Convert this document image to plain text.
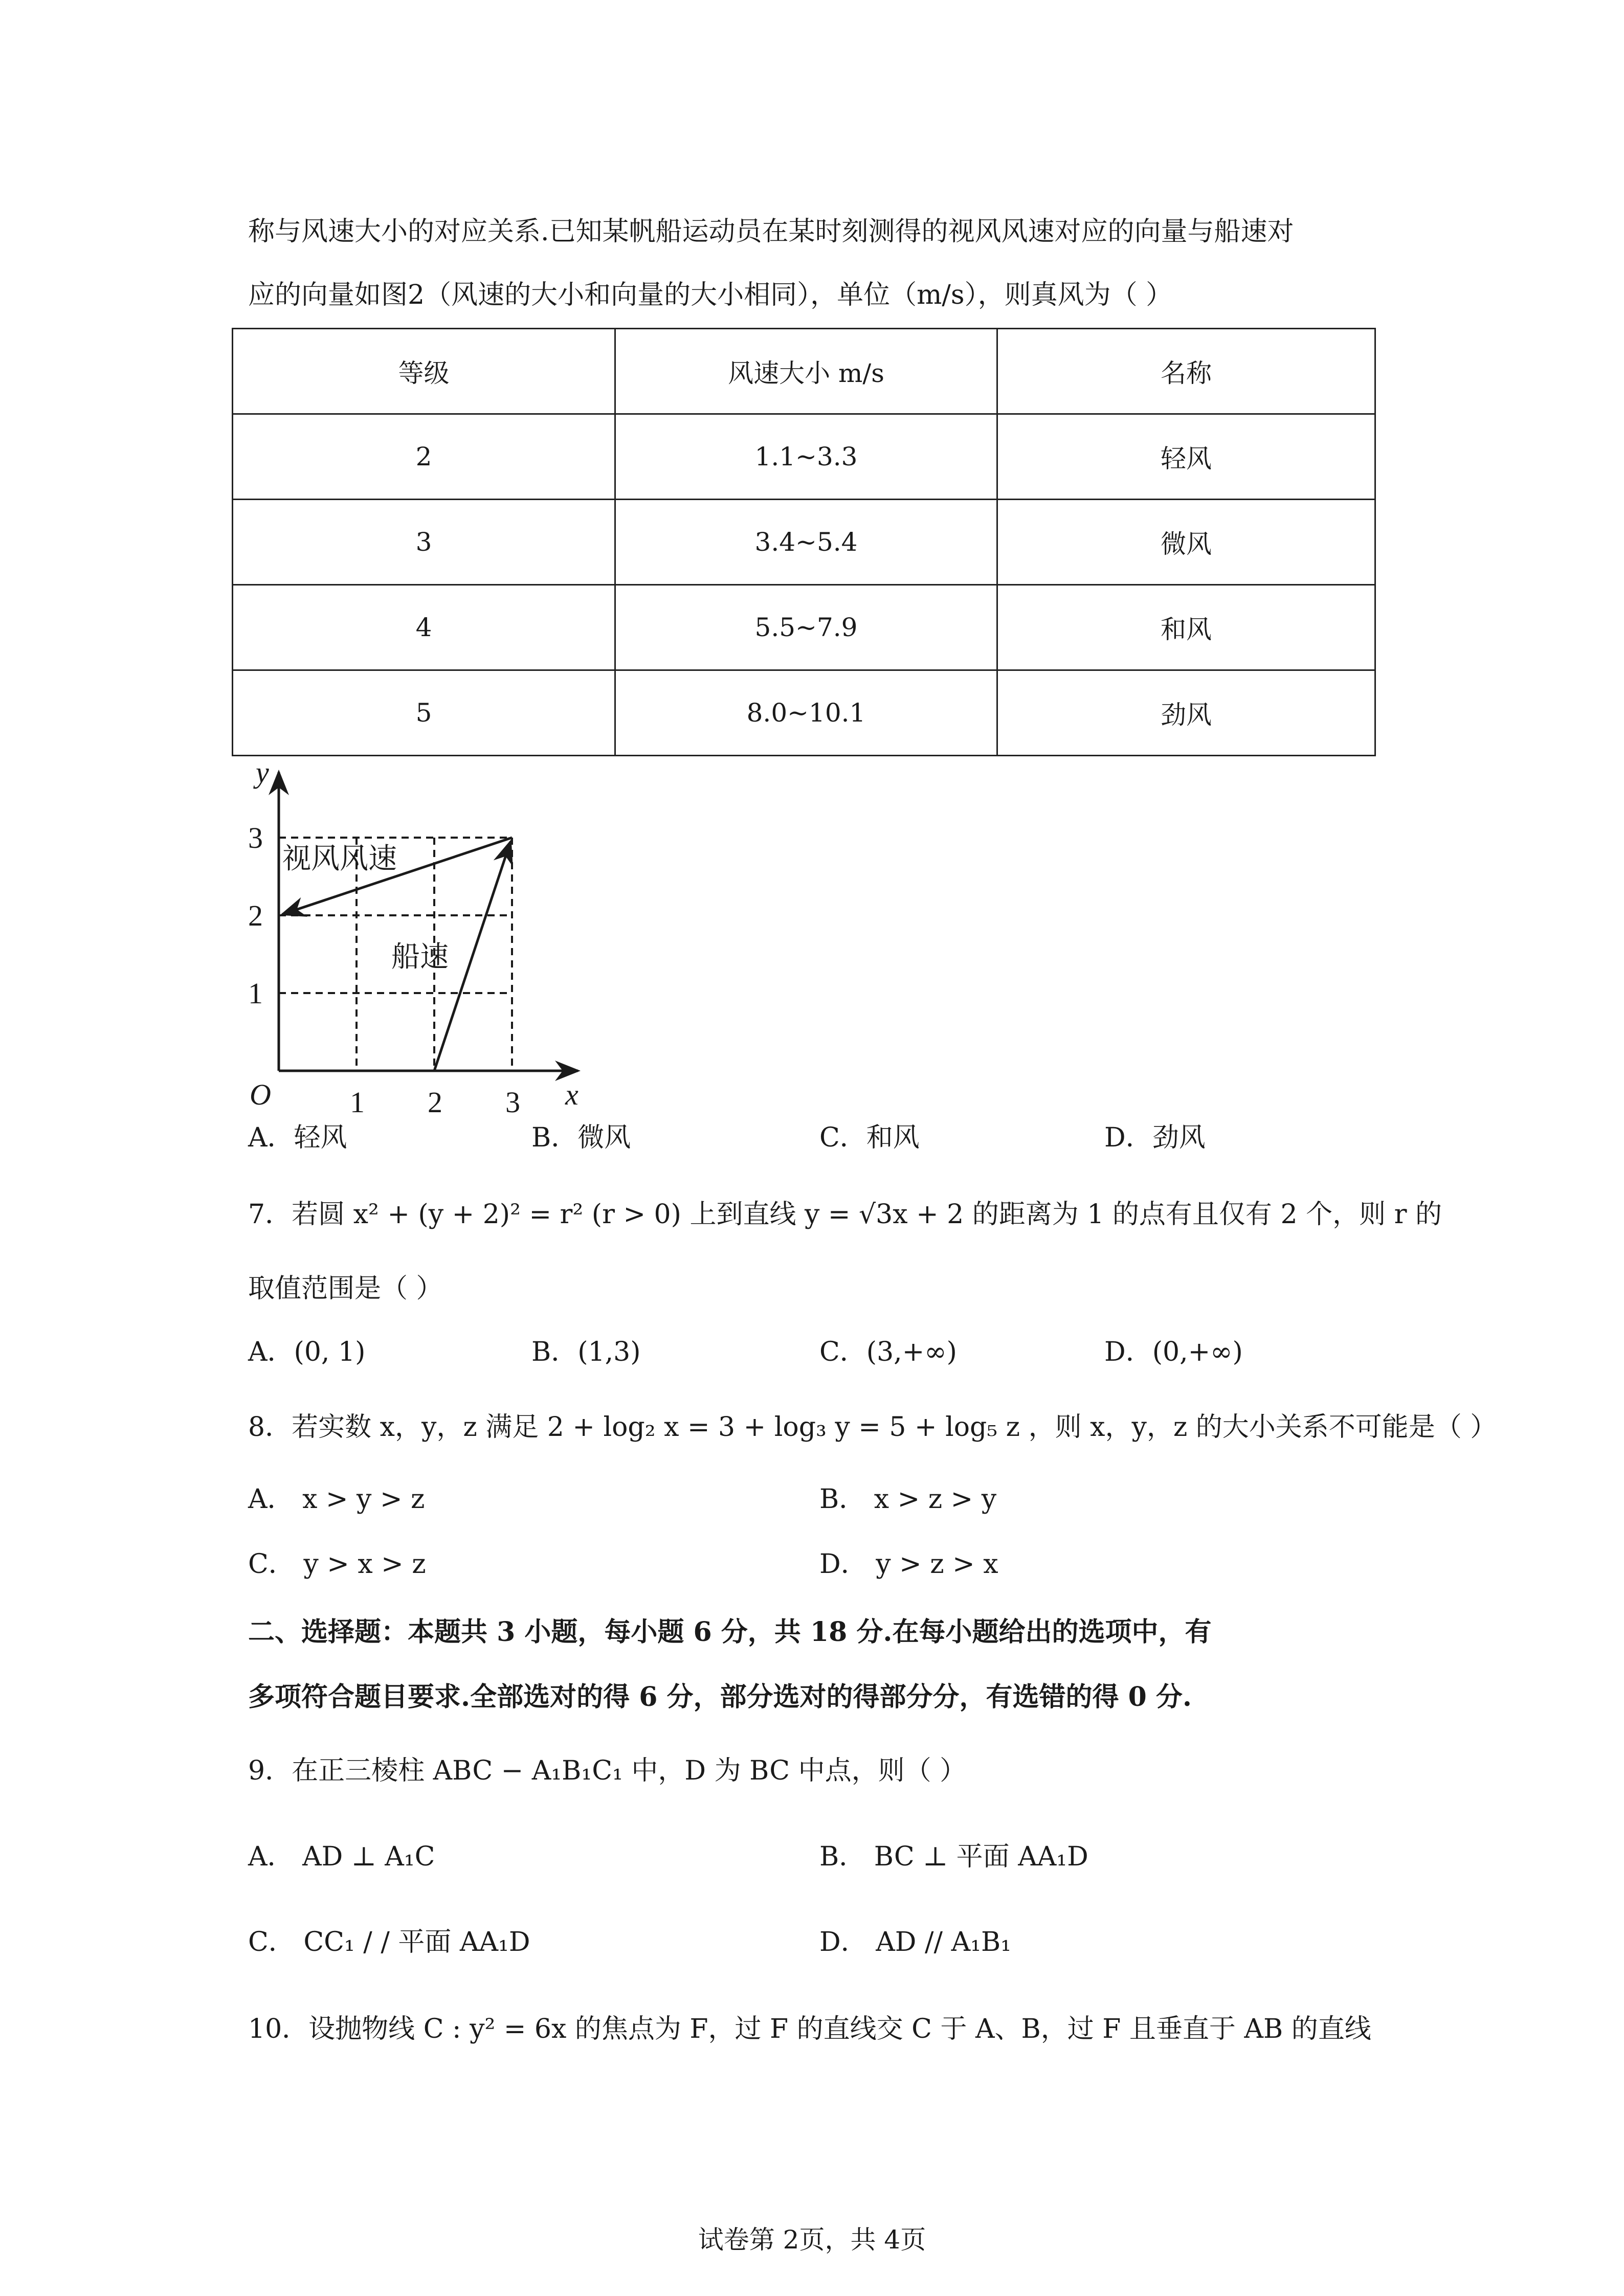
称与风速大小的对应关系.已知某帆船运动员在某时刻测得的视风风速对应的向量与船速对
应的向量如图2（风速的大小和向量的大小相同），单位（m/s），则真风为（ ）
等级	风速大小 m/s	名称
2	1.1~3.3	轻风
3	3.4~5.4	微风
4	5.5~7.9	和风
5	8.0~10.1	劲风
y
x
O	1 2 3
1
2
3
视风风速
船速
A．轻风	B．微风	C．和风	D．劲风
7．若圆 x² + (y + 2)² = r² (r > 0) 上到直线 y = √3x + 2 的距离为 1 的点有且仅有 2 个，则 r 的
取值范围是（ ）
A．(0, 1)	B．(1,3)	C．(3,+∞)	D．(0,+∞)
8．若实数 x，y，z 满足 2 + log₂ x = 3 + log₃ y = 5 + log₅ z ，则 x，y，z 的大小关系不可能是（ ）
A． x > y > z	B． x > z > y
C． y > x > z	D． y > z > x
二、选择题：本题共 3 小题，每小题 6 分，共 18 分.在每小题给出的选项中，有
多项符合题目要求.全部选对的得 6 分，部分选对的得部分分，有选错的得 0 分.
9．在正三棱柱 ABC − A₁B₁C₁ 中，D 为 BC 中点，则（ ）
A． AD ⊥ A₁C	B． BC ⊥ 平面 AA₁D
C． CC₁ / / 平面 AA₁D	D． AD // A₁B₁
10．设抛物线 C : y² = 6x 的焦点为 F，过 F 的直线交 C 于 A、B，过 F 且垂直于 AB 的直线
试卷第 2页，共 4页
